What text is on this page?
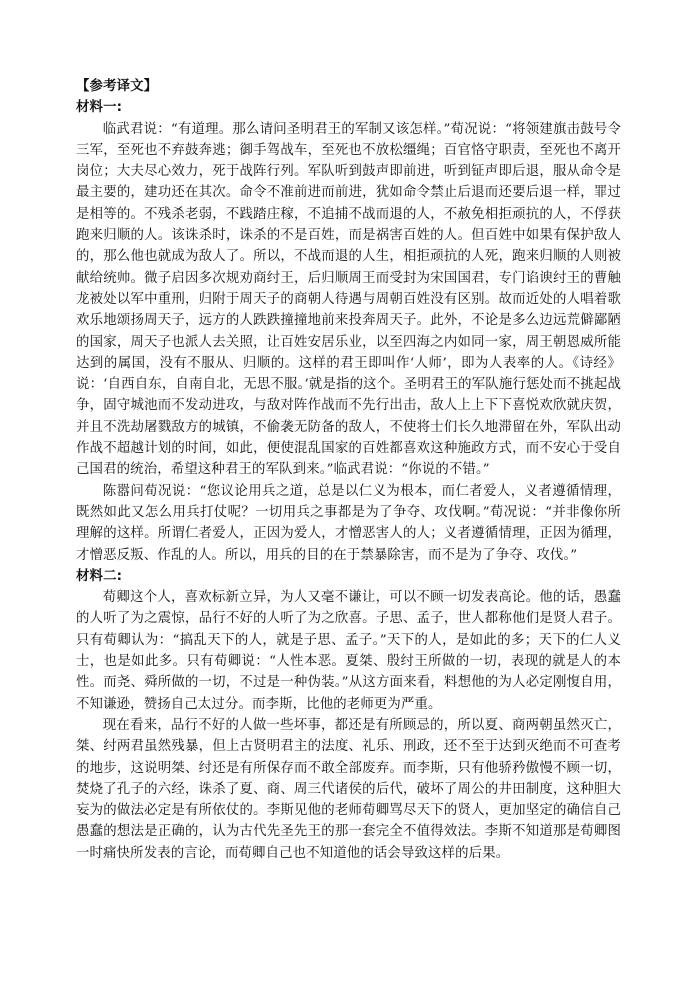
【参考译文】

材料一:

临武君说：“有道理。那么请问圣明君王的军制又该怎样。”荀况说：“将领建旗击鼓号令三军，至死也不弃鼓奔逃；御手驾战车，至死也不放松缰绳；百官恪守职责，至死也不离开岗位；大夫尽心效力，死于战阵行列。军队听到鼓声即前进，听到钲声即后退，服从命令是最主要的，建功还在其次。命令不准前进而前进，犹如命令禁止后退而还要后退一样，罪过是相等的。不残杀老弱，不践踏庄稼，不追捕不战而退的人，不赦免相拒顽抗的人，不俘获跑来归顺的人。该诛杀时，诛杀的不是百姓，而是祸害百姓的人。但百姓中如果有保护敌人的，那么他也就成为敌人了。所以，不战而退的人生，相拒顽抗的人死，跑来归顺的人则被献给统帅。微子启因多次规劝商纣王，后归顺周王而受封为宋国国君，专门谄谀纣王的曹触龙被处以军中重刑，归附于周天子的商朝人待遇与周朝百姓没有区别。故而近处的人唱着歌欢乐地颂扬周天子，远方的人跌跌撞撞地前来投奔周天子。此外，不论是多么边远荒僻鄙陋的国家，周天子也派人去关照，让百姓安居乐业，以至四海之内如同一家，周王朝恩威所能达到的属国，没有不服从、归顺的。这样的君王即叫作‘人师’，即为人表率的人。《诗经》说：‘自西自东，自南自北，无思不服。’就是指的这个。圣明君王的军队施行惩处而不挑起战争，固守城池而不发动进攻，与敌对阵作战而不先行出击，敌人上上下下喜悦欢欣就庆贺，并且不洗劫屠戮敌方的城镇，不偷袭无防备的敌人，不使将士们长久地滞留在外，军队出动作战不超越计划的时间，如此，便使混乱国家的百姓都喜欢这种施政方式，而不安心于受自己国君的统治，希望这种君王的军队到来。”临武君说：“你说的不错。”

陈嚣问荀况说：“您议论用兵之道，总是以仁义为根本，而仁者爱人，义者遵循情理，既然如此又怎么用兵打仗呢？一切用兵之事都是为了争夺、攻伐啊。”荀况说：“并非像你所理解的这样。所谓仁者爱人，正因为爱人，才憎恶害人的人；义者遵循情理，正因为循理，才憎恶反叛、作乱的人。所以，用兵的目的在于禁暴除害，而不是为了争夺、攻伐。”

材料二:

荀卿这个人，喜欢标新立异，为人又毫不谦让，可以不顾一切发表高论。他的话，愚蠢的人听了为之震惊，品行不好的人听了为之欣喜。子思、孟子，世人都称他们是贤人君子。只有荀卿认为：“搞乱天下的人，就是子思、孟子。”天下的人，是如此的多；天下的仁人义士，也是如此多。只有荀卿说：“人性本恶。夏桀、殷纣王所做的一切，表现的就是人的本性。而尧、舜所做的一切，不过是一种伪装。”从这方面来看，料想他的为人必定刚愎自用，不知谦逊，赞扬自己太过分。而李斯，比他的老师更为严重。

现在看来，品行不好的人做一些坏事，都还是有所顾忌的，所以夏、商两朝虽然灭亡，桀、纣两君虽然残暴，但上古贤明君主的法度、礼乐、刑政，还不至于达到灭绝而不可查考的地步，这说明桀、纣还是有所保存而不敢全部废弃。而李斯，只有他骄矜傲慢不顾一切，焚烧了孔子的六经，诛杀了夏、商、周三代诸侯的后代，破坏了周公的井田制度，这种胆大妄为的做法必定是有所依仗的。李斯见他的老师荀卿骂尽天下的贤人，更加坚定的确信自己愚蠢的想法是正确的，认为古代先圣先王的那一套完全不值得效法。李斯不知道那是荀卿图一时痛快所发表的言论，而荀卿自己也不知道他的话会导致这样的后果。
